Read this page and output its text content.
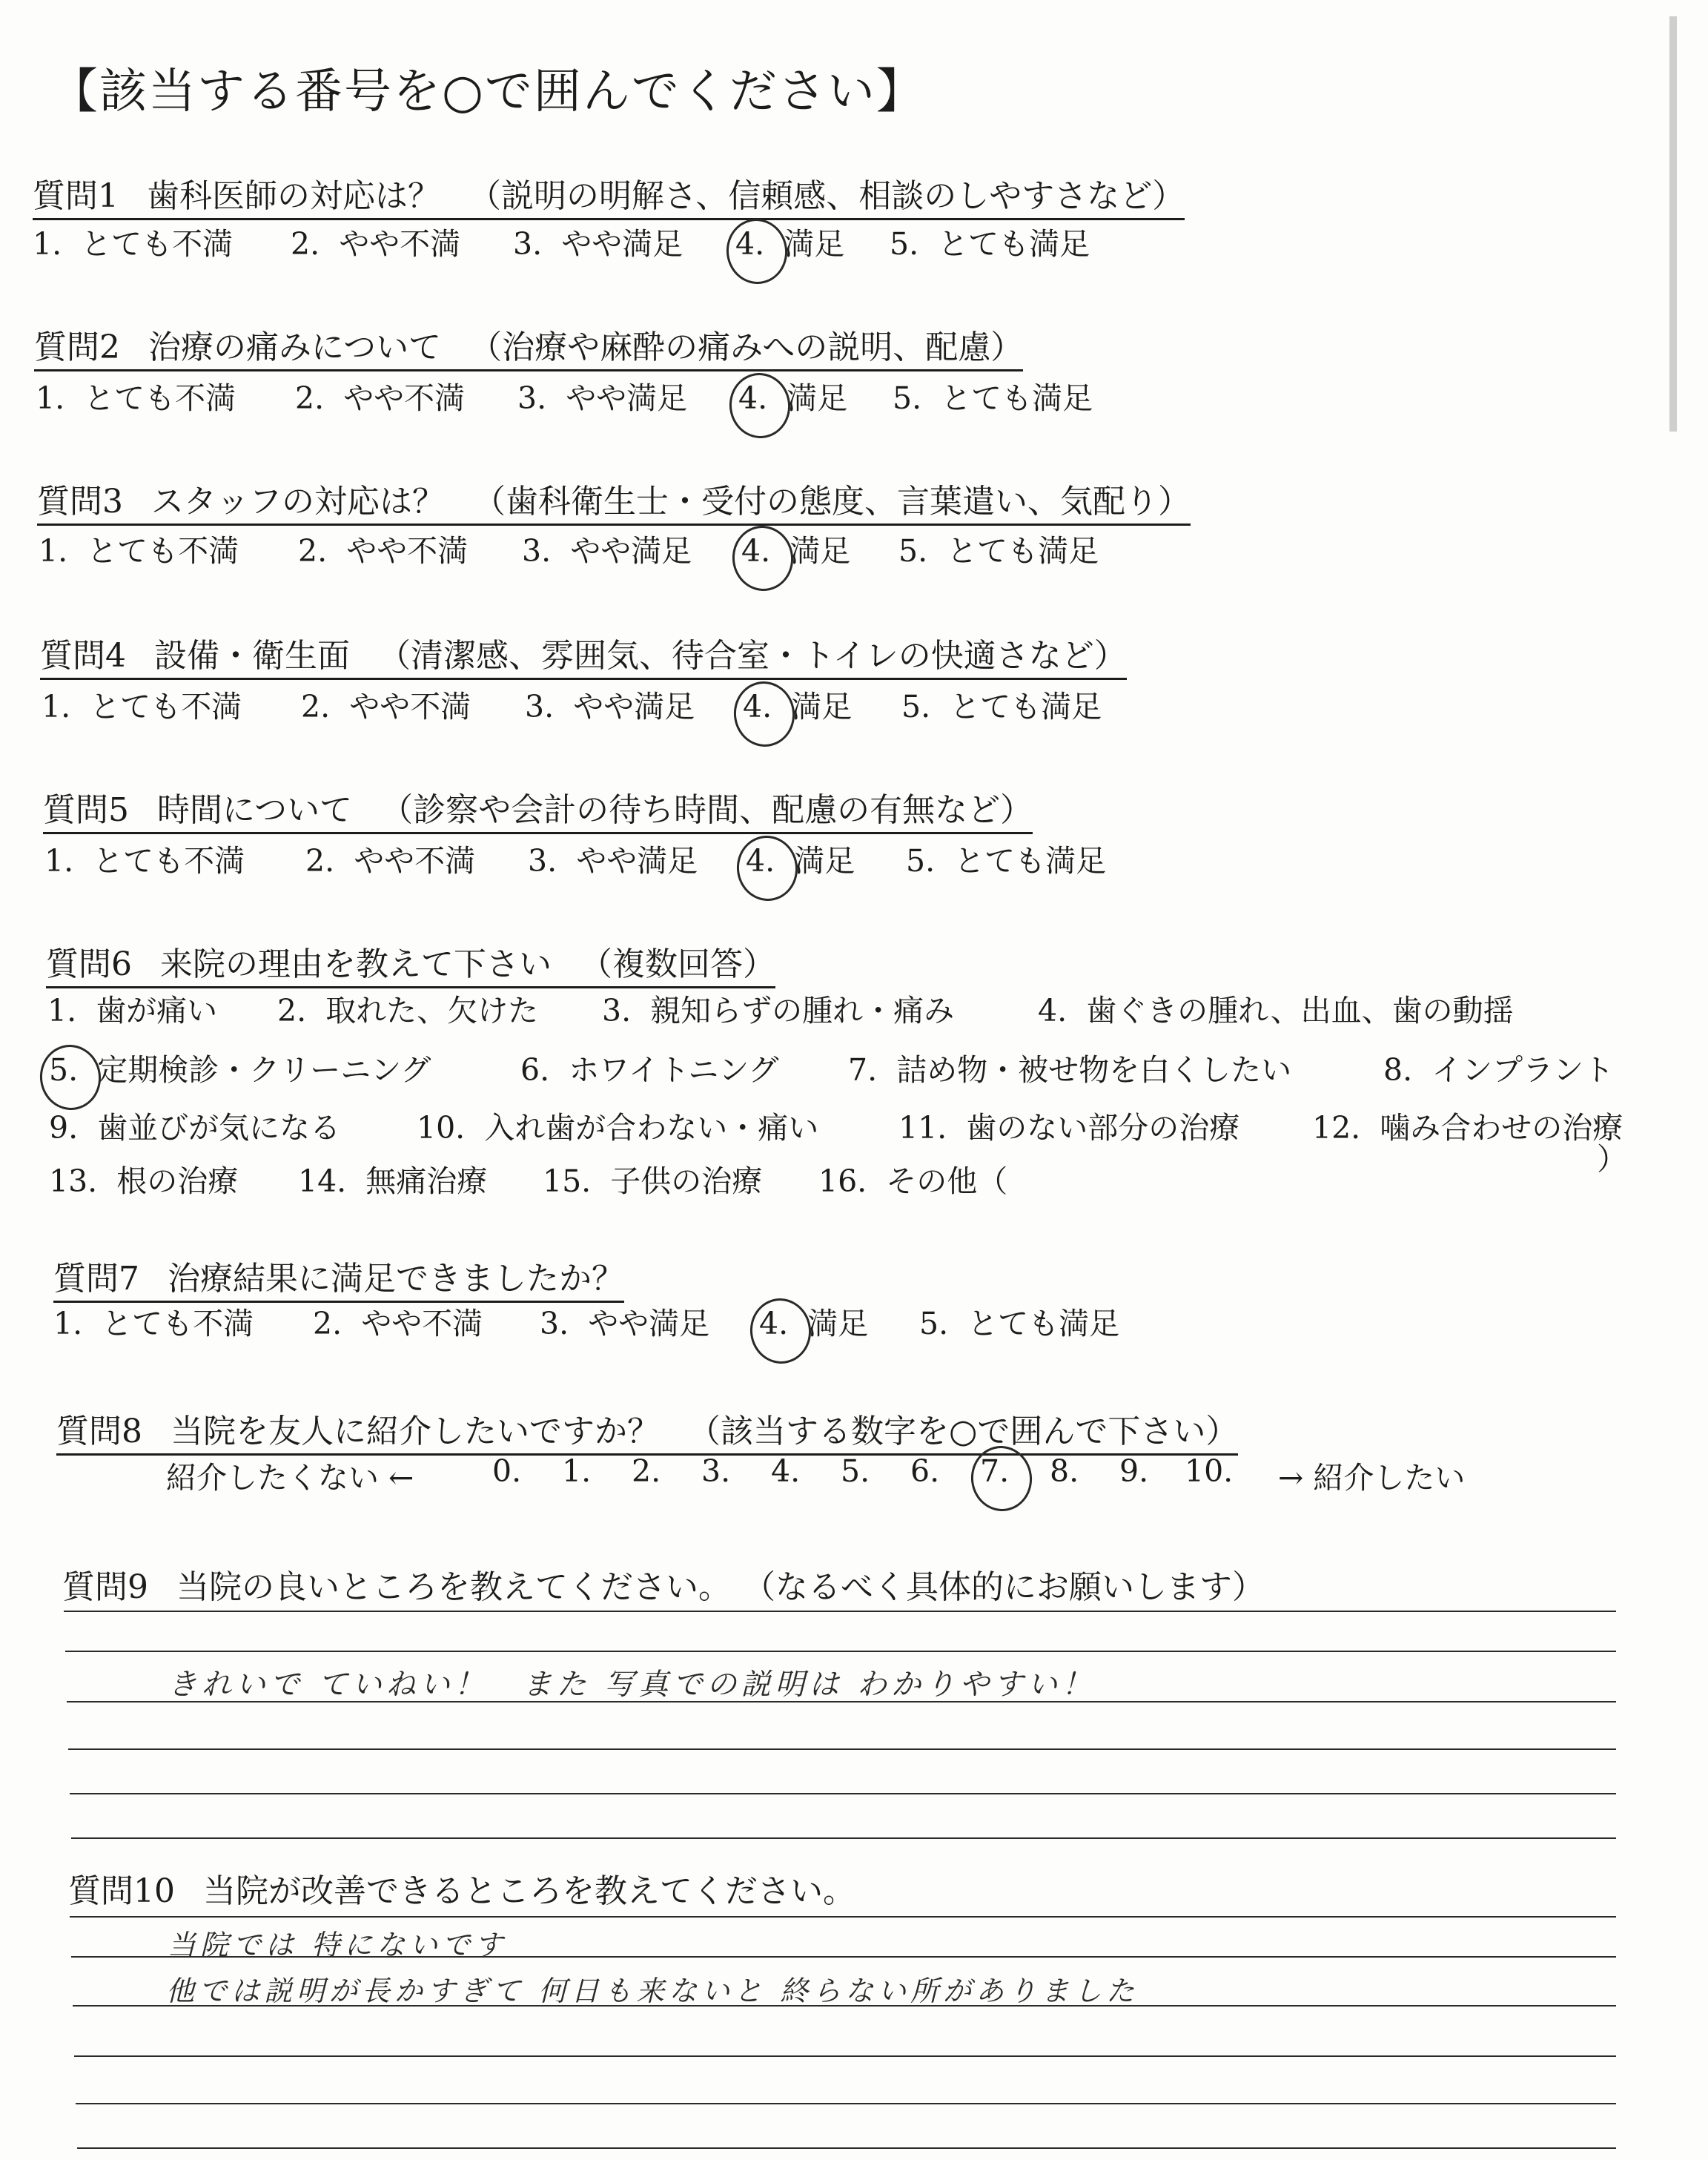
【該当する番号を○で囲んでください】
質問1 歯科医師の対応は？ （説明の明解さ、信頼感、相談のしやすさなど）
1.  とても不満 2.  やや不満 3.  やや満足 4. 満足 5.  とても満足
質問2 治療の痛みについて （治療や麻酔の痛みへの説明、配慮）
1.  とても不満 2.  やや不満 3.  やや満足 4. 満足 5.  とても満足
質問3 スタッフの対応は？ （歯科衛生士・受付の態度、言葉遣い、気配り）
1.  とても不満 2.  やや不満 3.  やや満足 4. 満足 5.  とても満足
質問4 設備・衛生面 （清潔感、雰囲気、待合室・トイレの快適さなど）
1.  とても不満 2.  やや不満 3.  やや満足 4. 満足 5.  とても満足
質問5 時間について （診察や会計の待ち時間、配慮の有無など）
1.  とても不満 2.  やや不満 3.  やや満足 4. 満足 5.  とても満足
質問6 来院の理由を教えて下さい （複数回答）
1.  歯が痛い 2.  取れた、欠けた 3.  親知らずの腫れ・痛み	4.  歯ぐきの腫れ、出血、歯の動揺
5. 定期検診・クリーニング	6.  ホワイトニング 7.  詰め物・被せ物を白くしたい	8.  インプラント
9.  歯並びが気になる	10.  入れ歯が合わない・痛い	11.  歯のない部分の治療 12.  噛み合わせの治療
13.  根の治療 14.  無痛治療 15.  子供の治療 16.  その他（
）
質問7 治療結果に満足できましたか？
1.  とても不満 2.  やや不満 3.  やや満足 4. 満足 5.  とても満足
質問8 当院を友人に紹介したいですか？ （該当する数字を○で囲んで下さい）
紹介したくない ←	0. 1. 2. 3. 4. 5. 6. 7. 8. 9. 10. → 紹介したい
質問9 当院の良いところを教えてください。 （なるべく具体的にお願いします）
きれいで ていねい！　また 写真での説明は わかりやすい！
質問10 当院が改善できるところを教えてください。
当院では 特にないです
他では説明が長かすぎて 何日も来ないと 終らない所がありました
